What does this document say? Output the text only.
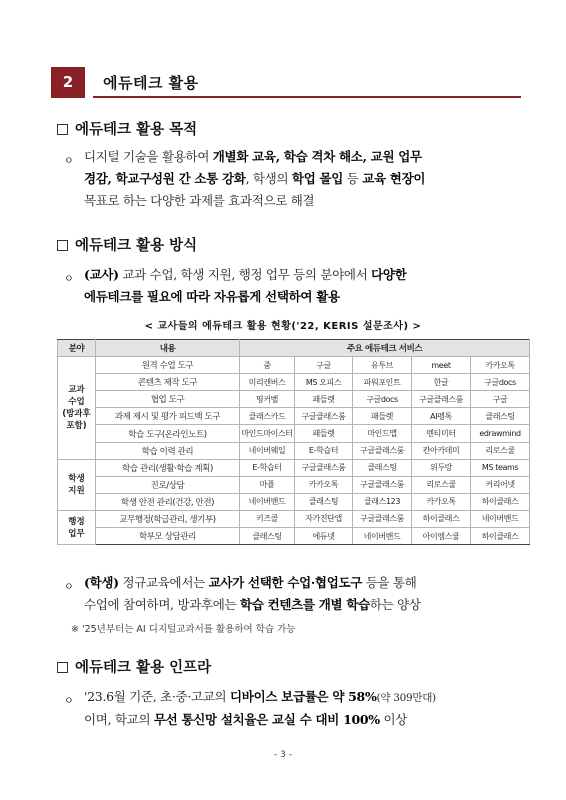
2	에듀테크 활용
에듀테크 활용 목적
ㅇ 디지털 기술을 활용하여 개별화 교육, 학습 격차 해소, 교원 업무
경감, 학교구성원 간 소통 강화, 학생의 학업 몰입 등 교육 현장이
목표로 하는 다양한 과제를 효과적으로 해결
에듀테크 활용 방식
ㅇ (교사) 교과 수업, 학생 지원, 행정 업무 등의 분야에서 다양한
에듀테크를 필요에 따라 자유롭게 선택하여 활용
< 교사들의 에듀테크 활용 현황('22, KERIS 설문조사) >
분야	내용	주요 에듀테크 서비스				
교과
수업
(방과후
포함)	원격 수업 도구	줌	구글	유투브	meet	카카오톡
	콘텐츠 제작 도구	미리캔버스	MS 오피스	파워포인트	한글	구글docs
	협업 도구	띵커벨	패들렛	구글docs	구글클래스룸	구글
	과제 제시 및 평가 피드백 도구	클래스카드	구글클래스룸	패들렛	AI펭톡	클래스팅
	학습 도구(온라인노트)	마인드마이스터	패들렛	마인드맵	멘티미터	edrawmind
	학습 이력 관리	네이버웨일	E-학습터	구글클래스룸	칸아카데미	리로스쿨
학생
지원	학습 관리(생활·학습 계획)	E-학습터	구글클래스룸	클래스팅	위두랑	MS teams
	진로/상담	마플	카카오톡	구글클래스룸	리로스쿨	커리어넷
	학생 안전 관리(건강, 안전)	네이버밴드	클래스팅	클래스123	카카오톡	하이클래스
행정
업무	교무행정(학급관리, 생기부)	키즈콜	자가진단앱	구글클래스룸	하이클래스	네이버밴드
	학부모 상담관리	클래스팅	에듀넷	네이버밴드	아이엠스쿨	하이클래스
ㅇ (학생) 정규교육에서는 교사가 선택한 수업·협업도구 등을 통해
수업에 참여하며, 방과후에는 학습 컨텐츠를 개별 학습하는 양상
※ '25년부터는 AI 디지털교과서를 활용하여 학습 가능
에듀테크 활용 인프라
ㅇ '23.6월 기준, 초·중·고교의 디바이스 보급률은 약 58%(약 309만대)
이며, 학교의 무선 통신망 설치율은 교실 수 대비 100% 이상
- 3 -
